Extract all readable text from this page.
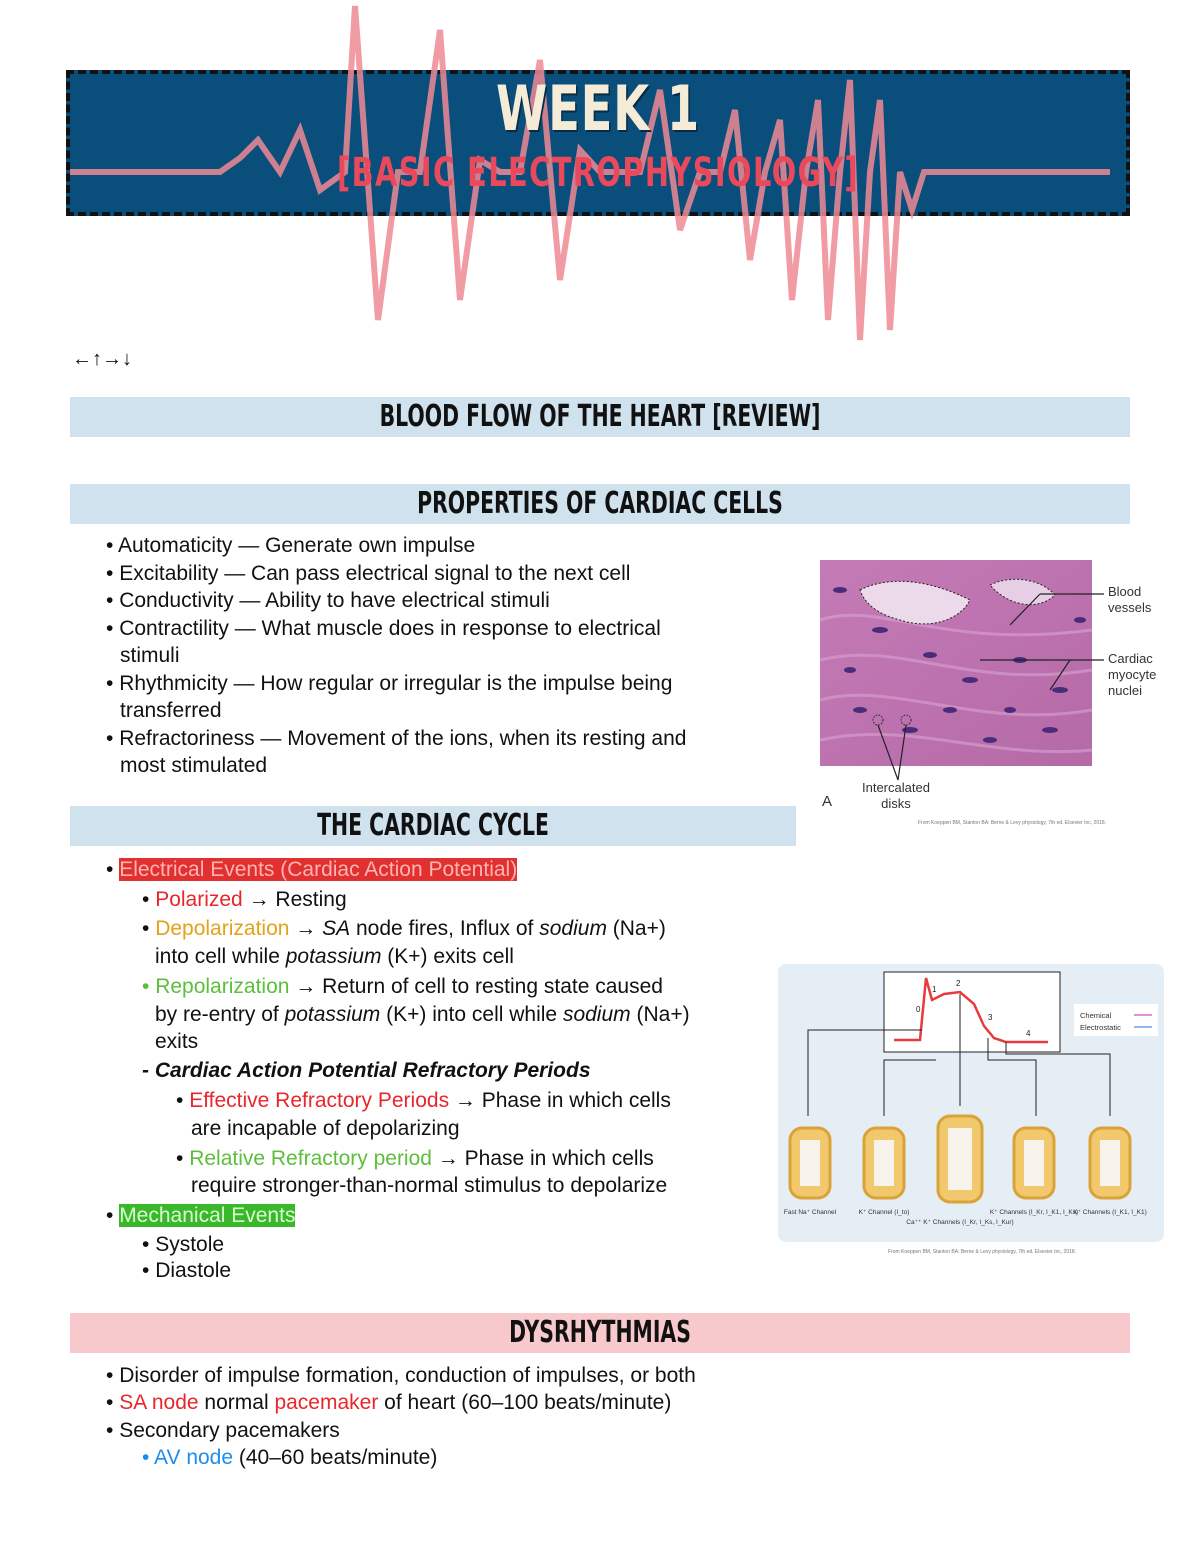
WEEK 1
[BASIC ELECTROPHYSIOLOGY]
←↑→↓
BLOOD FLOW OF THE HEART [REVIEW]
PROPERTIES OF CARDIAC CELLS
• Automaticity — Generate own impulse
• Excitability — Can pass electrical signal to the next cell
• Conductivity — Ability to have electrical stimuli
• Contractility — What muscle does in response to electrical
stimuli
• Rhythmicity — How regular or irregular is the impulse being
transferred
• Refractoriness — Movement of the ions, when its resting and
most stimulated
Blood
vessels
Cardiac
myocyte
nuclei
Intercalated
disks
A
From Koeppen BM, Stanton BA: Berne & Levy physiology, 7th ed. Elsevier Inc, 2018.
THE CARDIAC CYCLE
• Electrical Events (Cardiac Action Potential)
• Polarized → Resting
• Depolarization → SA node fires, Influx of sodium (Na+)
into cell while potassium (K+) exits cell
• Repolarization → Return of cell to resting state caused
by re-entry of potassium (K+) into cell while sodium (Na+)
exits
- Cardiac Action Potential Refractory Periods
• Effective Refractory Periods → Phase in which cells
are incapable of depolarizing
• Relative Refractory period → Phase in which cells
require stronger-than-normal stimulus to depolarize
• Mechanical Events
• Systole
• Diastole
0
1
2
3
4
Chemical
Electrostatic
Fast Na⁺ Channel	K⁺ Channel (I_to)
Ca⁺⁺ K⁺ Channels (I_Kr, I_Ks, I_Kur)
K⁺ Channels (I_Kr, I_K1, I_Ks)
K⁺ Channels (I_K1, I_K1)
From Koeppen BM, Stanton BA: Berne & Levy physiology, 7th ed. Elsevier Inc, 2018.
DYSRHYTHMIAS
• Disorder of impulse formation, conduction of impulses, or both
• SA node normal pacemaker of heart (60–100 beats/minute)
• Secondary pacemakers
• AV node (40–60 beats/minute)
